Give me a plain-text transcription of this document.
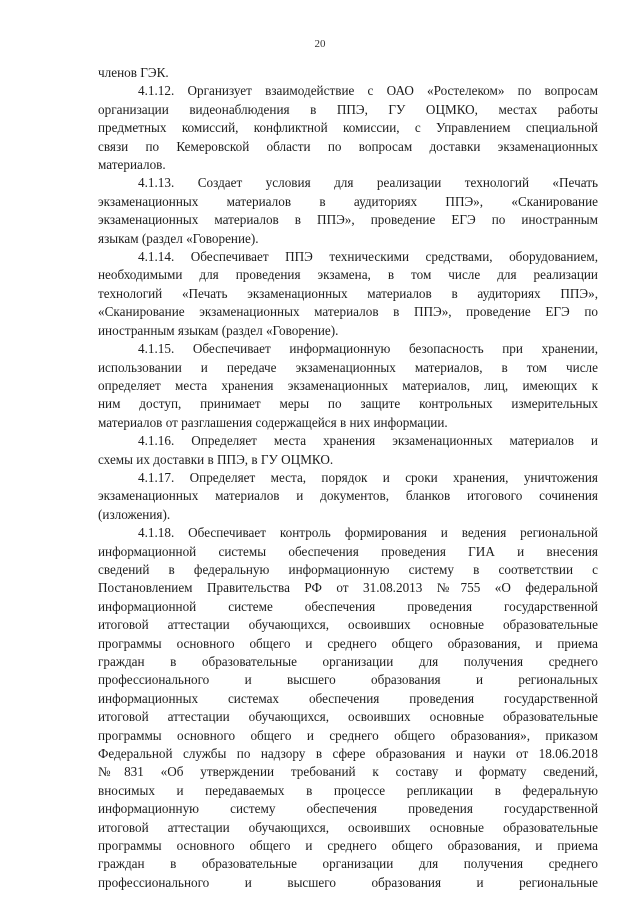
20
членов ГЭК.
4.1.12. Организует взаимодействие с ОАО «Ростелеком» по вопросам
организации видеонаблюдения в ППЭ, ГУ ОЦМКО, местах работы
предметных комиссий, конфликтной комиссии, с Управлением специальной
связи по Кемеровской области по вопросам доставки экзаменационных
материалов.
4.1.13. Создает условия для реализации технологий «Печать
экзаменационных материалов в аудиториях ППЭ», «Сканирование
экзаменационных материалов в ППЭ», проведение ЕГЭ по иностранным
языкам (раздел «Говорение).
4.1.14. Обеспечивает ППЭ техническими средствами, оборудованием,
необходимыми для проведения экзамена, в том числе для реализации
технологий «Печать экзаменационных материалов в аудиториях ППЭ»,
«Сканирование экзаменационных материалов в ППЭ», проведение ЕГЭ по
иностранным языкам (раздел «Говорение).
4.1.15. Обеспечивает информационную безопасность при хранении,
использовании и передаче экзаменационных материалов, в том числе
определяет места хранения экзаменационных материалов, лиц, имеющих к
ним доступ, принимает меры по защите контрольных измерительных
материалов от разглашения содержащейся в них информации.
4.1.16. Определяет места хранения экзаменационных материалов и
схемы их доставки в ППЭ, в ГУ ОЦМКО.
4.1.17. Определяет места, порядок и сроки хранения, уничтожения
экзаменационных материалов и документов, бланков итогового сочинения
(изложения).
4.1.18. Обеспечивает контроль формирования и ведения региональной
информационной системы обеспечения проведения ГИА и внесения
сведений в федеральную информационную систему в соответствии с
Постановлением Правительства РФ от 31.08.2013 №755 «О федеральной
информационной системе обеспечения проведения государственной
итоговой аттестации обучающихся, освоивших основные образовательные
программы основного общего и среднего общего образования, и приема
граждан в образовательные организации для получения среднего
профессионального и высшего образования и региональных
информационных системах обеспечения проведения государственной
итоговой аттестации обучающихся, освоивших основные образовательные
программы основного общего и среднего общего образования», приказом
Федеральной службы по надзору в сфере образования и науки от 18.06.2018
№831 «Об утверждении требований к составу и формату сведений,
вносимых и передаваемых в процессе репликации в федеральную
информационную систему обеспечения проведения государственной
итоговой аттестации обучающихся, освоивших основные образовательные
программы основного общего и среднего общего образования, и приема
граждан в образовательные организации для получения среднего
профессионального и высшего образования и региональные
